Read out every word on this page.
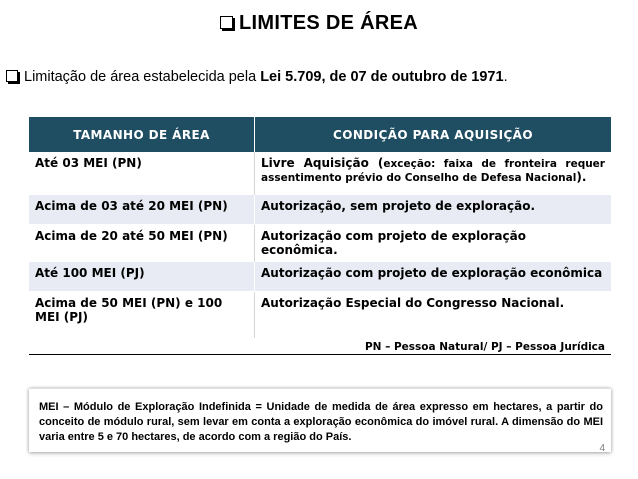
LIMITES DE ÁREA
Limitação de área estabelecida pela Lei 5.709, de 07 de outubro de 1971.
TAMANHO DE ÁREA	CONDIÇÃO PARA AQUISIÇÃO
Até 03 MEI (PN)	Livre Aquisição (exceção: faixa de fronteira requer
assentimento prévio do Conselho de Defesa Nacional).

Acima de 03 até 20 MEI (PN)	Autorização, sem projeto de exploração.
Acima de 20 até 50 MEI (PN)	Autorização com projeto de exploração econômica.
Até 100 MEI (PJ)	Autorização com projeto de exploração econômica
Acima de 50 MEI (PN) e 100 MEI (PJ)	Autorização Especial do Congresso Nacional.
PN – Pessoa Natural/ PJ – Pessoa Jurídica
MEI – Módulo de Exploração Indefinida = Unidade de medida de área expresso em hectares, a partir do conceito de módulo rural, sem levar em conta a exploração econômica do imóvel rural. A dimensão do MEI varia entre 5 e 70 hectares, de acordo com a região do País.
4
